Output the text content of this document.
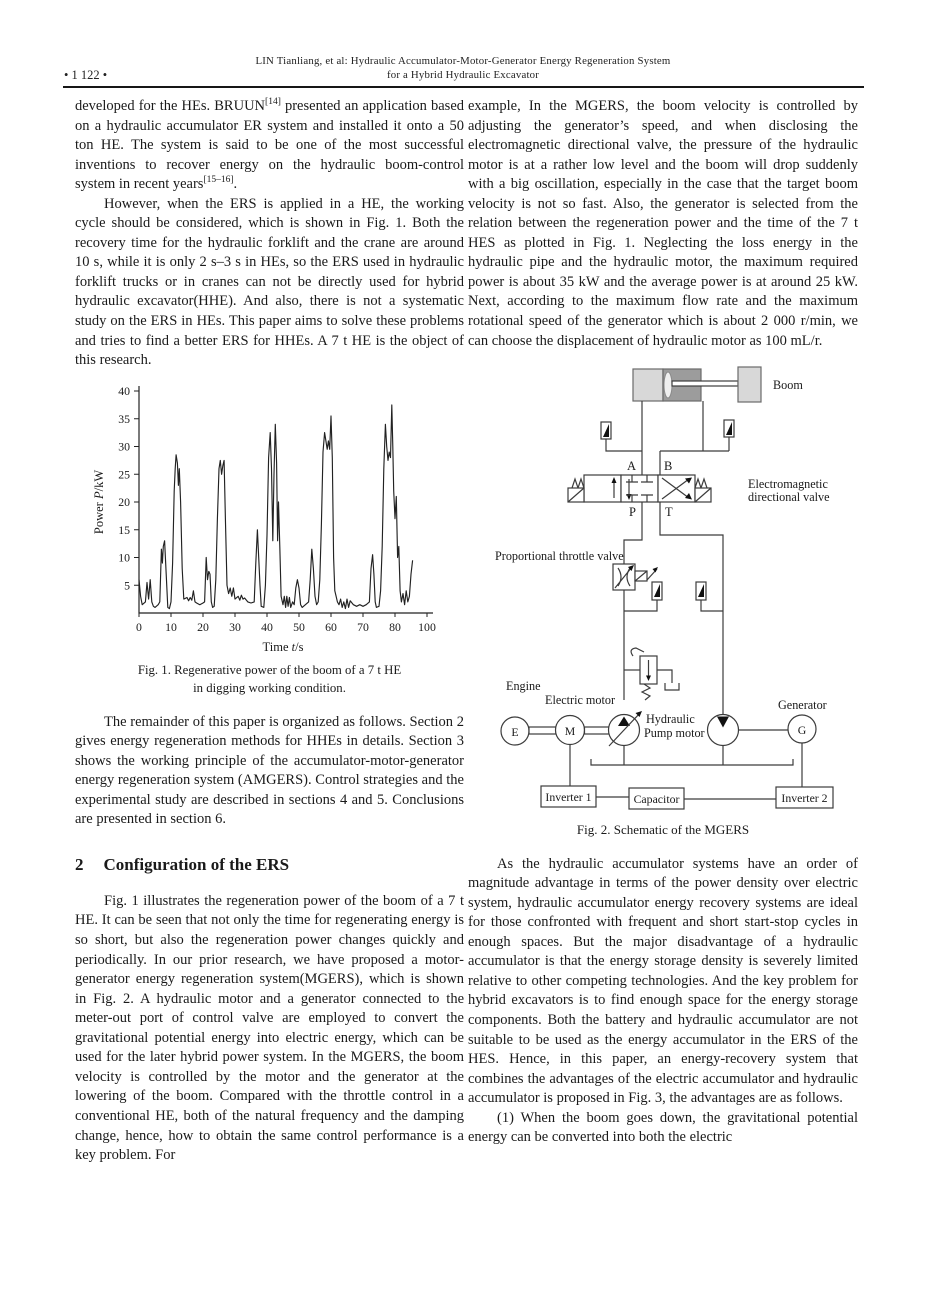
LIN Tianliang, et al: Hydraulic Accumulator-Motor-Generator Energy Regeneration System
for a Hybrid Hydraulic Excavator
• 1 122 •

developed for the HEs. BRUUN[14] presented an application based on a hydraulic accumulator ER system and installed it onto a 50 ton HE. The system is said to be one of the most successful inventions to recover energy on the hydraulic boom-control system in recent years[15–16].

However, when the ERS is applied in a HE, the working cycle should be considered, which is shown in Fig. 1. Both the recovery time for the hydraulic forklift and the crane are around 10 s, while it is only 2 s–3 s in HEs, so the ERS used in hydraulic forklift trucks or in cranes can not be directly used for hybrid hydraulic excavator(HHE). And also, there is not a systematic study on the ERS in HEs. This paper aims to solve these problems and tries to find a better ERS for HHEs. A 7 t HE is the object of this research.

0 10 20 30 40 50 60 70 80 100
5
10
15
20
25
30
35
40
Time t/s
Power P/kW
Fig. 1. Regenerative power of the boom of a 7 t HE
in digging working condition.

The remainder of this paper is organized as follows. Section 2 gives energy regeneration methods for HHEs in details. Section 3 shows the working principle of the accumulator-motor-generator energy regeneration system (AMGERS). Control strategies and the experimental study are described in sections 4 and 5. Conclusions are presented in section 6.

2 Configuration of the ERS

Fig. 1 illustrates the regeneration power of the boom of a 7 t HE. It can be seen that not only the time for regenerating energy is so short, but also the regeneration power changes quickly and periodically. In our prior research, we have proposed a motor-generator energy regeneration system(MGERS), which is shown in Fig. 2. A hydraulic motor and a generator connected to the meter-out port of control valve are employed to convert the gravitational potential energy into electric energy, which can be used for the later hybrid power system. In the MGERS, the boom velocity is controlled by the motor and the generator at the lowering of the boom. Compared with the throttle control in a conventional HE, both of the natural frequency and the damping change, hence, how to obtain the same control performance is a key problem. For

example, In the MGERS, the boom velocity is controlled by adjusting the generator’s speed, and when disclosing the electromagnetic directional valve, the pressure of the hydraulic motor is at a rather low level and the boom will drop suddenly with a big oscillation, especially in the case that the target boom velocity is not so fast. Also, the generator is selected from the relation between the regeneration power and the time of the 7 t HES as plotted in Fig. 1. Neglecting the loss energy in the hydraulic pipe and the hydraulic motor, the maximum required power is about 35 kW and the average power is at around 25 kW. Next, according to the maximum flow rate and the maximum rotational speed of the generator which is about 2 000 r/min, we can choose the displacement of hydraulic motor as 100 mL/r.

Boom
A B
P T
Electromagnetic
directional valve
Proportional throttle valve
Engine
Electric motor
Hydraulic
Pump motor
Generator
E	M	G
Inverter 1	Capacitor	Inverter 2
Fig. 2. Schematic of the MGERS

As the hydraulic accumulator systems have an order of magnitude advantage in terms of the power density over electric system, hydraulic accumulator energy recovery systems are ideal for those confronted with frequent and short start-stop cycles in enough spaces. But the major disadvantage of a hydraulic accumulator is that the energy storage density is severely limited relative to other competing technologies. And the key problem for hybrid excavators is to find enough space for the energy storage components. Both the battery and hydraulic accumulator are not suitable to be used as the energy accumulator in the ERS of the HES. Hence, in this paper, an energy-recovery system that combines the advantages of the electric accumulator and hydraulic accumulator is proposed in Fig. 3, the advantages are as follows.

(1) When the boom goes down, the gravitational potential energy can be converted into both the electric
